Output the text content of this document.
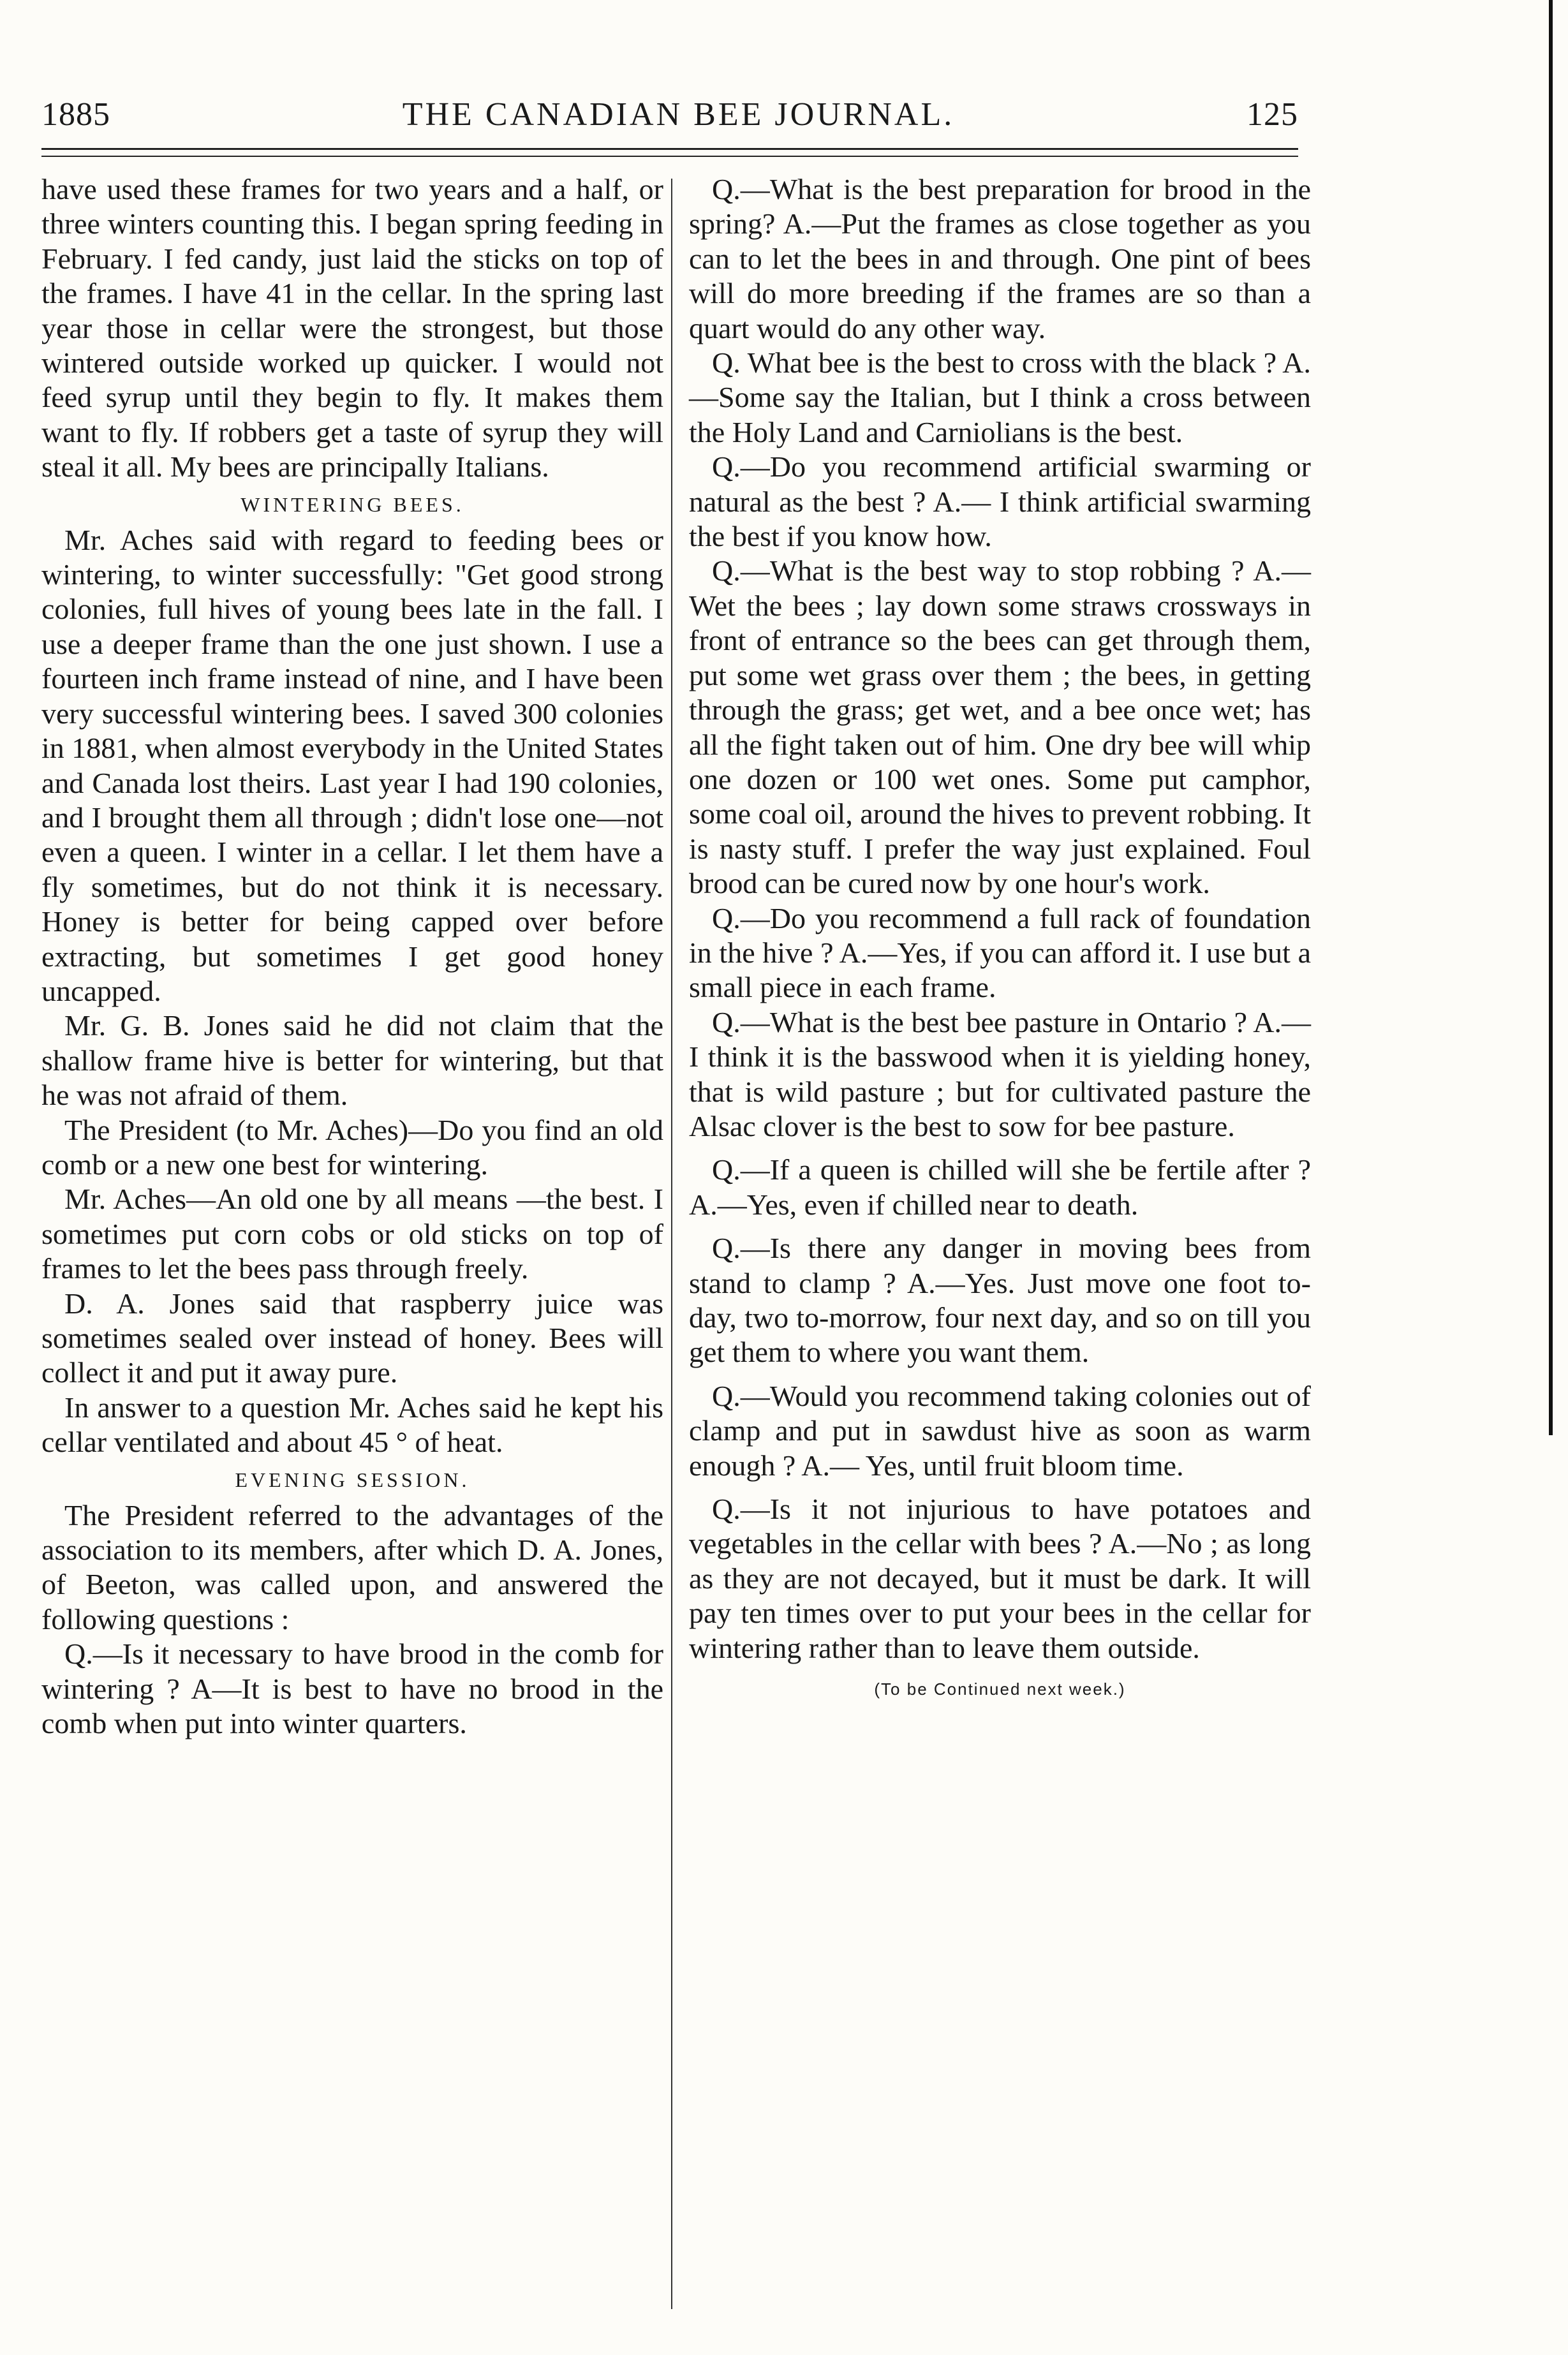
1885	THE CANADIAN BEE JOURNAL.	125

have used these frames for two years and a half, or three winters counting this. I began spring feeding in February. I fed candy, just laid the sticks on top of the frames. I have 41 in the cellar. In the spring last year those in cellar were the strongest, but those wintered outside worked up quicker. I would not feed syrup until they begin to fly. It makes them want to fly. If robbers get a taste of syrup they will steal it all. My bees are principally Italians.

WINTERING BEES.

Mr. Aches said with regard to feeding bees or wintering, to winter successfully: "Get good strong colonies, full hives of young bees late in the fall. I use a deeper frame than the one just shown. I use a fourteen inch frame instead of nine, and I have been very successful wintering bees. I saved 300 colonies in 1881, when almost everybody in the United States and Canada lost theirs. Last year I had 190 colonies, and I brought them all through ; didn't lose one—not even a queen. I winter in a cellar. I let them have a fly sometimes, but do not think it is necessary. Honey is better for being capped over before extracting, but sometimes I get good honey uncapped.

Mr. G. B. Jones said he did not claim that the shallow frame hive is better for wintering, but that he was not afraid of them.

The President (to Mr. Aches)—Do you find an old comb or a new one best for wintering.

Mr. Aches—An old one by all means —the best. I sometimes put corn cobs or old sticks on top of frames to let the bees pass through freely.

D. A. Jones said that raspberry juice was sometimes sealed over instead of honey. Bees will collect it and put it away pure.

In answer to a question Mr. Aches said he kept his cellar ventilated and about 45 ° of heat.

EVENING SESSION.

The President referred to the advantages of the association to its members, after which D. A. Jones, of Beeton, was called upon, and answered the following questions :

Q.—Is it necessary to have brood in the comb for wintering ? A—It is best to have no brood in the comb when put into winter quarters.

Q.—What is the best preparation for brood in the spring? A.—Put the frames as close together as you can to let the bees in and through. One pint of bees will do more breeding if the frames are so than a quart would do any other way.

Q. What bee is the best to cross with the black ? A.—Some say the Italian, but I think a cross between the Holy Land and Carniolians is the best.

Q.—Do you recommend artificial swarming or natural as the best ? A.— I think artificial swarming the best if you know how.

Q.—What is the best way to stop robbing ? A.—Wet the bees ; lay down some straws crossways in front of entrance so the bees can get through them, put some wet grass over them ; the bees, in getting through the grass; get wet, and a bee once wet; has all the fight taken out of him. One dry bee will whip one dozen or 100 wet ones. Some put camphor, some coal oil, around the hives to prevent robbing. It is nasty stuff. I prefer the way just explained. Foul brood can be cured now by one hour's work.

Q.—Do you recommend a full rack of foundation in the hive ? A.—Yes, if you can afford it. I use but a small piece in each frame.

Q.—What is the best bee pasture in Ontario ? A.—I think it is the basswood when it is yielding honey, that is wild pasture ; but for cultivated pasture the Alsac clover is the best to sow for bee pasture.

Q.—If a queen is chilled will she be fertile after ? A.—Yes, even if chilled near to death.

Q.—Is there any danger in moving bees from stand to clamp ? A.—Yes. Just move one foot to-day, two to-morrow, four next day, and so on till you get them to where you want them.

Q.—Would you recommend taking colonies out of clamp and put in sawdust hive as soon as warm enough ? A.— Yes, until fruit bloom time.

Q.—Is it not injurious to have potatoes and vegetables in the cellar with bees ? A.—No ; as long as they are not decayed, but it must be dark. It will pay ten times over to put your bees in the cellar for wintering rather than to leave them outside.

(To be Continued next week.)
